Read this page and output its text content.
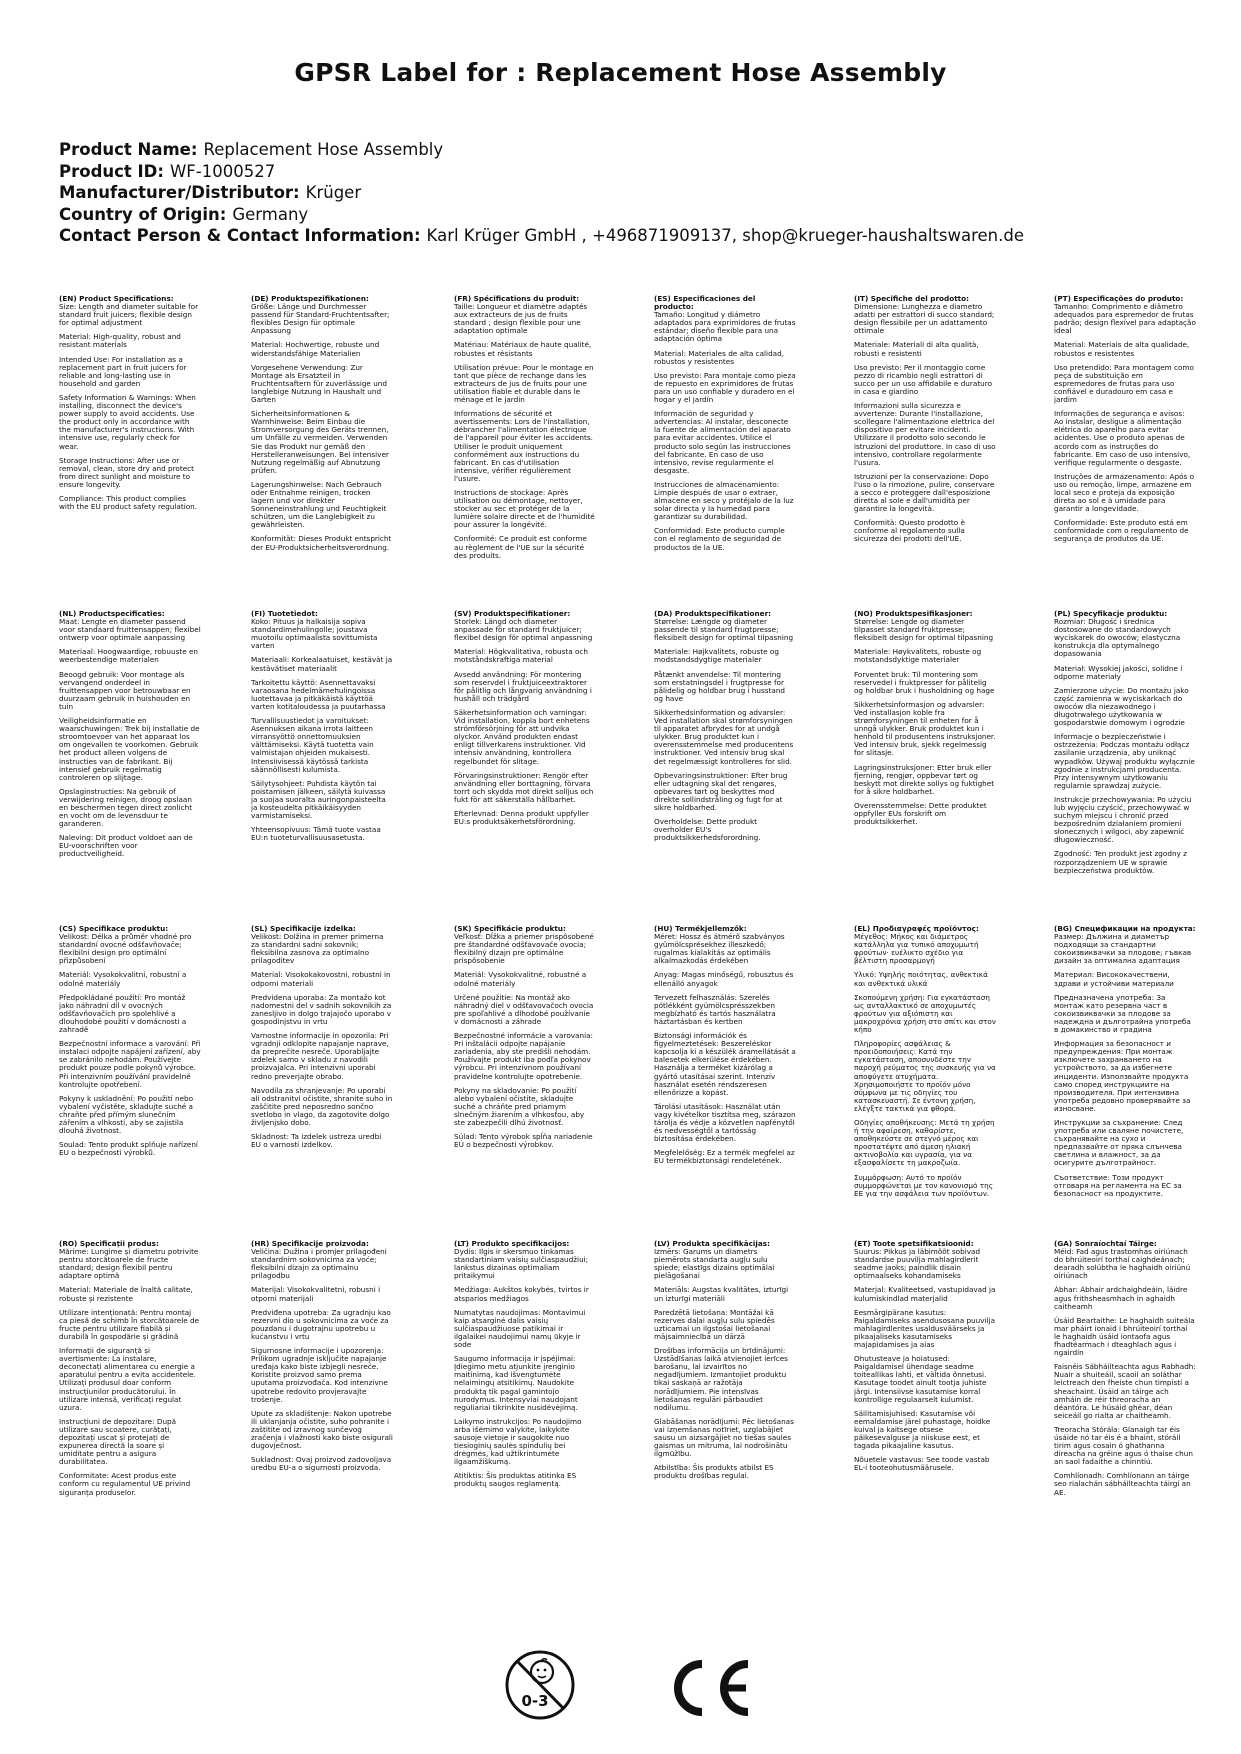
GPSR Label for : Replacement Hose Assembly
Product Name: Replacement Hose Assembly
Product ID: WF-1000527
Manufacturer/Distributor: Krüger
Country of Origin: Germany
Contact Person & Contact Information: Karl Krüger GmbH , +496871909137, shop@krueger-haushaltswaren.de
(EN) Product Specifications:
Size: Length and diameter suitable for standard fruit juicers; flexible design for optimal adjustment
Material: High-quality, robust and resistant materials
Intended Use: For installation as a replacement part in fruit juicers for reliable and long-lasting use in household and garden
Safety Information & Warnings: When installing, disconnect the device's power supply to avoid accidents. Use the product only in accordance with the manufacturer's instructions. With intensive use, regularly check for wear.
Storage Instructions: After use or removal, clean, store dry and protect from direct sunlight and moisture to ensure longevity.
Compliance: This product complies with the EU product safety regulation.
(DE) Produktspezifikationen:
Größe: Länge und Durchmesser passend für Standard-Fruchtentsafter; flexibles Design für optimale Anpassung
Material: Hochwertige, robuste und widerstandsfähige Materialien
Vorgesehene Verwendung: Zur Montage als Ersatzteil in Fruchtentsaftern für zuverlässige und langlebige Nutzung in Haushalt und Garten
Sicherheitsinformationen & Warnhinweise: Beim Einbau die Stromversorgung des Geräts trennen, um Unfälle zu vermeiden. Verwenden Sie das Produkt nur gemäß den Herstelleranweisungen. Bei intensiver Nutzung regelmäßig auf Abnutzung prüfen.
Lagerungshinweise: Nach Gebrauch oder Entnahme reinigen, trocken lagern und vor direkter Sonneneinstrahlung und Feuchtigkeit schützen, um die Langlebigkeit zu gewährleisten.
Konformität: Dieses Produkt entspricht der EU-Produktsicherheitsverordnung.
(FR) Spécifications du produit:
Taille: Longueur et diamètre adaptés aux extracteurs de jus de fruits standard ; design flexible pour une adaptation optimale
Matériau: Matériaux de haute qualité, robustes et résistants
Utilisation prévue: Pour le montage en tant que pièce de rechange dans les extracteurs de jus de fruits pour une utilisation fiable et durable dans le ménage et le jardin
Informations de sécurité et avertissements: Lors de l'installation, débrancher l'alimentation électrique de l'appareil pour éviter les accidents. Utiliser le produit uniquement conformément aux instructions du fabricant. En cas d'utilisation intensive, vérifier régulièrement l'usure.
Instructions de stockage: Après utilisation ou démontage, nettoyer, stocker au sec et protéger de la lumière solaire directe et de l'humidité pour assurer la longévité.
Conformité: Ce produit est conforme au règlement de l'UE sur la sécurité des produits.
(ES) Especificaciones del producto:
Tamaño: Longitud y diámetro adaptados para exprimidores de frutas estándar; diseño flexible para una adaptación óptima
Material: Materiales de alta calidad, robustos y resistentes
Uso previsto: Para montaje como pieza de repuesto en exprimidores de frutas para un uso confiable y duradero en el hogar y el jardín
Información de seguridad y advertencias: Al instalar, desconecte la fuente de alimentación del aparato para evitar accidentes. Utilice el producto solo según las instrucciones del fabricante. En caso de uso intensivo, revise regularmente el desgaste.
Instrucciones de almacenamiento: Limpie después de usar o extraer, almacene en seco y protéjalo de la luz solar directa y la humedad para garantizar su durabilidad.
Conformidad: Este producto cumple con el reglamento de seguridad de productos de la UE.
(IT) Specifiche del prodotto:
Dimensione: Lunghezza e diametro adatti per estrattori di succo standard; design flessibile per un adattamento ottimale
Materiale: Materiali di alta qualità, robusti e resistenti
Uso previsto: Per il montaggio come pezzo di ricambio negli estrattori di succo per un uso affidabile e duraturo in casa e giardino
Informazioni sulla sicurezza e avvertenze: Durante l'installazione, scollegare l'alimentazione elettrica del dispositivo per evitare incidenti. Utilizzare il prodotto solo secondo le istruzioni del produttore. In caso di uso intensivo, controllare regolarmente l'usura.
Istruzioni per la conservazione: Dopo l'uso o la rimozione, pulire, conservare a secco e proteggere dall'esposizione diretta al sole e dall'umidità per garantire la longevità.
Conformità: Questo prodotto è conforme al regolamento sulla sicurezza dei prodotti dell'UE.
(PT) Especificações do produto:
Tamanho: Comprimento e diâmetro adequados para espremedor de frutas padrão; design flexível para adaptação ideal
Material: Materiais de alta qualidade, robustos e resistentes
Uso pretendido: Para montagem como peça de substituição em espremedores de frutas para uso confiável e duradouro em casa e jardim
Informações de segurança e avisos: Ao instalar, desligue a alimentação elétrica do aparelho para evitar acidentes. Use o produto apenas de acordo com as instruções do fabricante. Em caso de uso intensivo, verifique regularmente o desgaste.
Instruções de armazenamento: Após o uso ou remoção, limpe, armazene em local seco e proteja da exposição direta ao sol e à umidade para garantir a longevidade.
Conformidade: Este produto está em conformidade com o regulamento de segurança de produtos da UE.
(NL) Productspecificaties:
Maat: Lengte en diameter passend voor standaard fruittensappen; flexibel ontwerp voor optimale aanpassing
Materiaal: Hoogwaardige, robuuste en weerbestendige materialen
Beoogd gebruik: Voor montage als vervangend onderdeel in fruittensappen voor betrouwbaar en duurzaam gebruik in huishouden en tuin
Veiligheidsinformatie en waarschuwingen: Trek bij installatie de stroomtoevoer van het apparaat los om ongevallen te voorkomen. Gebruik het product alleen volgens de instructies van de fabrikant. Bij intensief gebruik regelmatig controleren op slijtage.
Opslaginstructies: Na gebruik of verwijdering reinigen, droog opslaan en beschermen tegen direct zonlicht en vocht om de levensduur te garanderen.
Naleving: Dit product voldoet aan de EU-voorschriften voor productveiligheid.
(FI) Tuotetiedot:
Koko: Pituus ja halkaisija sopiva standardimehulingolle; joustava muotoilu optimaalista sovittumista varten
Materiaali: Korkealaatuiset, kestävät ja kestävätiset materiaalit
Tarkoitettu käyttö: Asennettavaksi varaosana hedelmämehulingoissa luotettavaa ja pitkäkäistä käyttöä varten kotitaloudessa ja puutarhassa
Turvallisuustiedot ja varoitukset: Asennuksen aikana irrota laitteen virransyöttö onnettomuuksien välttämiseksi. Käytä tuotetta vain valmistajan ohjeiden mukaisesti. Intensiivisessä käytössä tarkista säännöllisesti kulumista.
Säilytysohjeet: Puhdista käytön tai poistamisen jälkeen, säilytä kuivassa ja suojaa suoralta auringonpaisteelta ja kosteudelta pitkäikäisyyden varmistamiseksi.
Yhteensopivuus: Tämä tuote vastaa EU:n tuoteturvallisuusasetusta.
(SV) Produktspecifikationer:
Storlek: Längd och diameter anpassade för standard fruktjuicer; flexibel design för optimal anpassning
Material: Högkvalitativa, robusta och motståndskraftiga material
Avsedd användning: För montering som reservdel i fruktjuiceextraktorer för pålitlig och långvarig användning i hushåll och trädgård
Säkerhetsinformation och varningar: Vid installation, koppla bort enhetens strömförsörjning för att undvika olyckor. Använd produkten endast enligt tillverkarens instruktioner. Vid intensiv användning, kontrollera regelbundet för slitage.
Förvaringsinstruktioner: Rengör efter användning eller borttagning, förvara torrt och skydda mot direkt solljus och fukt för att säkerställa hållbarhet.
Efterlevnad: Denna produkt uppfyller EU:s produktsäkerhetsförordning.
(DA) Produktspecifikationer:
Størrelse: Længde og diameter passende til standard frugtpresse; fleksibelt design for optimal tilpasning
Materiale: Højkvalitets, robuste og modstandsdygtige materialer
Påtænkt anvendelse: Til montering som erstatningsdel i frugtpresse for pålidelig og holdbar brug i husstand og have
Sikkerhedsinformation og advarsler: Ved installation skal strømforsyningen til apparatet afbrydes for at undgå ulykker. Brug produktet kun i overensstemmelse med producentens instruktioner. Ved intensiv brug skal det regelmæssigt kontrolleres for slid.
Opbevaringsinstruktioner: Efter brug eller udtagning skal det rengøres, opbevares tørt og beskyttes mod direkte sollindstråling og fugt for at sikre holdbarhed.
Overholdelse: Dette produkt overholder EU's produktsikkerhedsforordning.
(NO) Produktspesifikasjoner:
Størrelse: Lengde og diameter tilpasset standard fruktpresse; fleksibelt design for optimal tilpasning
Materiale: Høykvalitets, robuste og motstandsdyktige materialer
Forventet bruk: Til montering som reservedel i fruktpresser for pålitelig og holdbar bruk i husholdning og hage
Sikkerhetsinformasjon og advarsler: Ved installasjon koble fra strømforsyningen til enheten for å unngå ulykker. Bruk produktet kun i henhold til produsentens instruksjoner. Ved intensiv bruk, sjekk regelmessig for slitasje.
Lagringsinstruksjoner: Etter bruk eller fjerning, rengjør, oppbevar tørt og beskytt mot direkte sollys og fuktighet for å sikre holdbarhet.
Overensstemmelse: Dette produktet oppfyller EUs forskrift om produktsikkerhet.
(PL) Specyfikacje produktu:
Rozmiar: Długość i średnica dostosowane do standardowych wyciskarek do owoców; elastyczna konstrukcja dla optymalnego dopasowania
Materiał: Wysokiej jakości, solidne i odporne materiały
Zamierzone użycie: Do montażu jako część zamienna w wyciskarkach do owoców dla niezawodnego i długotrwałego użytkowania w gospodarstwie domowym i ogrodzie
Informacje o bezpieczeństwie i ostrzeżenia: Podczas montażu odłącz zasilanie urządzenia, aby uniknąć wypadków. Używaj produktu wyłącznie zgodnie z instrukcjami producenta. Przy intensywnym użytkowaniu regularnie sprawdzaj zużycie.
Instrukcje przechowywania: Po użyciu lub wyjęciu czyścić, przechowywać w suchym miejscu i chronić przed bezpośrednim działaniem promieni słonecznych i wilgoci, aby zapewnić długowieczność.
Zgodność: Ten produkt jest zgodny z rozporządzeniem UE w sprawie bezpieczeństwa produktów.
(CS) Specifikace produktu:
Velikost: Délka a průměr vhodné pro standardní ovocné odšťavňovače; flexibilní design pro optimální přizpůsobení
Materiál: Vysokokvalitní, robustní a odolné materiály
Předpokládané použití: Pro montáž jako náhradní díl v ovocných odšťavňovačích pro spolehlivé a dlouhodobé použití v domácnosti a zahradě
Bezpečnostní informace a varování: Při instalaci odpojte napájení zařízení, aby se zabránilo nehodám. Používejte produkt pouze podle pokynů výrobce. Při intenzivním používání pravidelně kontrolujte opotřebení.
Pokyny k uskladnění: Po použití nebo vybalení vyčistěte, skladujte suché a chraňte před přímým slunečním zářením a vlhkostí, aby se zajistila dlouhá životnost.
Soulad: Tento produkt splňuje nařízení EU o bezpečnosti výrobků.
(SL) Specifikacije izdelka:
Velikost: Dolžina in premer primerna za standardni sadni sokovnik; fleksibilna zasnova za optimalno prilagoditev
Material: Visokokakovostni, robustni in odporni materiali
Predvidena uporaba: Za montažo kot nadomestni del v sadnih sokovnikih za zanesljivo in dolgo trajajočo uporabo v gospodinjstvu in vrtu
Varnostne informacije in opozorila: Pri vgradnji odklopite napajanje naprave, da preprečite nesreče. Uporabljajte izdelek samo v skladu z navodili proizvajalca. Pri intenzivni uporabi redno preverjajte obrabo.
Navodila za shranjevanje: Po uporabi ali odstranitvi očistite, shranite suho in zaščitite pred neposredno sončno svetlobo in vlago, da zagotovite dolgo življenjsko dobo.
Skladnost: Ta izdelek ustreza uredbi EU o varnosti izdelkov.
(SK) Špecifikácie produktu:
Veľkosť: Dĺžka a priemer prispôsobené pre štandardné odšťavovače ovocia; flexibilný dizajn pre optimálne prispôsobenie
Materiál: Vysokokvalitné, robustné a odolné materiály
Určené použitie: Na montáž ako náhradný diel v odšťavovačoch ovocia pre spoľahlivé a dlhodobé používanie v domácnosti a záhrade
Bezpečnostné informácie a varovania: Pri inštalácii odpojte napájanie zariadenia, aby ste predišli nehodám. Používajte produkt iba podľa pokynov výrobcu. Pri intenzívnom používaní pravidelne kontrolujte opotrebenie.
Pokyny na skladovanie: Po použití alebo vybalení očistite, skladujte suché a chráňte pred priamym slnečným žiarením a vlhkosťou, aby ste zabezpečili dlhú životnosť.
Súlad: Tento výrobok spĺňa nariadenie EÚ o bezpečnosti výrobkov.
(HU) Termékjellemzők:
Méret: Hossz és átmérő szabványos gyümölcsprésekhez illeszkedő; rugalmas kialakítás az optimális alkalmazkodás érdekében
Anyag: Magas minőségű, robusztus és ellenálló anyagok
Tervezett felhasználás: Szerelés pótlékként gyümölcsprésszekben megbízható és tartós használatra háztartásban és kertben
Biztonsági információk és figyelmeztetések: Beszereléskor kapcsolja ki a készülék áramellátását a balesetek elkerülése érdekében. Használja a terméket kizárólag a gyártó utasításai szerint. Intenzív használat esetén rendszeresen ellenőrizze a kopást.
Tárolási utasítások: Használat után vagy kivételkor tisztítsa meg, szárazon tárolja és védje a közvetlen napfénytől és nedvességtől a tartósság biztosítása érdekében.
Megfelelőség: Ez a termék megfelel az EU termékbiztonsági rendeletének.
(EL) Προδιαγραφές προϊόντος:
Μέγεθος: Μήκος και διάμετρος κατάλληλα για τυπικό αποχυμωτή φρούτων· ευέλικτο σχέδιο για βέλτιστη προσαρμογή
Υλικό: Υψηλής ποιότητας, ανθεκτικά και ανθεκτικά υλικά
Σκοπούμενη χρήση: Για εγκατάσταση ως ανταλλακτικό σε αποχυμωτές φρούτων για αξιόπιστη και μακροχρόνια χρήση στο σπίτι και στον κήπο
Πληροφορίες ασφάλειας & προειδοποιήσεις: Κατά την εγκατάσταση, αποσυνδέστε την παροχή ρεύματος της συσκευής για να αποφύγετε ατυχήματα. Χρησιμοποιήστε το προϊόν μόνο σύμφωνα με τις οδηγίες του κατασκευαστή. Σε έντονη χρήση, ελέγξτε τακτικά για φθορά.
Οδηγίες αποθήκευσης: Μετά τη χρήση ή την αφαίρεση, καθαρίστε, αποθηκεύστε σε στεγνό μέρος και προστατέψτε από άμεση ηλιακή ακτινοβολία και υγρασία, για να εξασφαλίσετε τη μακροζωία.
Συμμόρφωση: Αυτό το προϊόν συμμορφώνεται με τον κανονισμό της ΕΕ για την ασφάλεια των προϊόντων.
(BG) Спецификации на продукта:
Размер: Дължина и диаметър подходящи за стандартни сокоизвиквачки за плодове; гъвкав дизайн за оптимална адаптация
Материал: Висококачествени, здрави и устойчиви материали
Предназначена употреба: За монтаж като резервна част в сокоизвиквачки за плодове за надеждна и дълготрайна употреба в домакинство и градина
Информация за безопасност и предупреждения: При монтаж изключете захранването на устройството, за да избегнете инциденти. Използвайте продукта само според инструкциите на производителя. При интензивна употреба редовно проверявайте за износване.
Инструкции за съхранение: След употреба или сваляне почистете, съхранявайте на сухо и предпазвайте от пряка слънчева светлина и влажност, за да осигурите дълготрайност.
Съответствие: Този продукт отговаря на регламента на ЕС за безопасност на продуктите.
(RO) Specificații produs:
Mărime: Lungime și diametru potrivite pentru storcătoarele de fructe standard; design flexibil pentru adaptare optimă
Material: Materiale de înaltă calitate, robuste și rezistente
Utilizare intenționată: Pentru montaj ca piesă de schimb în storcătoarele de fructe pentru utilizare fiabilă și durabilă în gospodărie și grădină
Informații de siguranță și avertismente: La instalare, deconectați alimentarea cu energie a aparatului pentru a evita accidentele. Utilizați produsul doar conform instrucțiunilor producătorului. În utilizare intensă, verificați regulat uzura.
Instrucțiuni de depozitare: După utilizare sau scoatere, curățați, depozitați uscat și protejați de expunerea directă la soare și umiditate pentru a asigura durabilitatea.
Conformitate: Acest produs este conform cu regulamentul UE privind siguranța produselor.
(HR) Specifikacije proizvoda:
Veličina: Dužina i promjer prilagođeni standardnim sokovnicima za voće; fleksibilni dizajn za optimalnu prilagodbu
Materijal: Visokokvalitetni, robusni i otporni materijali
Predviđena upotreba: Za ugradnju kao rezervni dio u sokovnicima za voće za pouzdanu i dugotrajnu upotrebu u kućanstvu i vrtu
Sigurnosne informacije i upozorenja: Prilikom ugradnje isključite napajanje uređaja kako biste izbjegli nesreće. Koristite proizvod samo prema uputama proizvođača. Kod intenzivne upotrebe redovito provjeravajte trošenje.
Upute za skladištenje: Nakon upotrebe ili uklanjanja očistite, suho pohranite i zaštitite od izravnog sunčevog zračenja i vlažnosti kako biste osigurali dugovječnost.
Sukladnost: Ovaj proizvod zadovoljava uredbu EU-a o sigurnosti proizvoda.
(LT) Produkto specifikacijos:
Dydis: Ilgis ir skersmuo tinkamas standartiniam vaisių sulčiaspaudžiui; lankstus dizainas optimaliam pritaikymui
Medžiaga: Aukštos kokybės, tvirtos ir atsparios medžiagos
Numatytas naudojimas: Montavimui kaip atsarginė dalis vaisių sulčiaspaudžiuose patikimai ir ilgalaikei naudojimui namų ūkyje ir sode
Saugumo informacija ir įspėjimai: Įdiegimo metu atjunkite įrenginio maitinimą, kad išvengtumėte nelaimingų atsitikimų. Naudokite produktą tik pagal gamintojo nurodymus. Intensyviai naudojant reguliariai tikrinkite nusidėvėjimą.
Laikymo instrukcijos: Po naudojimo arba išėmimo valykite, laikykite sausoje vietoje ir saugokite nuo tiesioginių saulės spindulių bei drėgmės, kad užtikrintumėte ilgaamžiškumą.
Atitiktis: Šis produktas atitinka ES produktų saugos reglamentą.
(LV) Produkta specifikācijas:
Izmērs: Garums un diametrs piemērots standarta augļu sulu spiede; elastīgs dizains optimālai pielāgošanai
Materiāls: Augstas kvalitātes, izturīgi un izturīgi materiāli
Paredzētā lietošana: Montāžai kā rezerves daļai augļu sulu spiedēs uzticamai un ilgstošai lietošanai mājsaimniecībā un dārzā
Drošības informācija un brīdinājumi: Uzstādīšanas laikā atvienojiet ierīces barošanu, lai izvairītos no negadījumiem. Izmantojiet produktu tikai saskaņā ar ražotāja norādījumiem. Pie intensīvas lietošanas regulāri pārbaudiet nodilumu.
Glabāšanas norādījumi: Pēc lietošanas vai izņemšanas notīriet, uzglabājiet sausu un aizsargājiet no tiešas saules gaismas un mitruma, lai nodrošinātu ilgmūžību.
Atbilstība: Šis produkts atbilst ES produktu drošības regulai.
(ET) Toote spetsifikatsioonid:
Suurus: Pikkus ja läbimõõt sobivad standardse puuvilja mahlagirdlerit seadme jaoks; paindlik disain optimaalseks kohandamiseks
Materjal: Kvaliteetsed, vastupidavad ja kulumiskindlad materjalid
Eesmärgipärane kasutus: Paigaldamiseks asendusosana puuvilja mahlagirdlerites usaldusväärseks ja pikaajaliseks kasutamiseks majapidamises ja aias
Ohutusteave ja hoiatused: Paigaldamisel ühendage seadme toiteallikas lahti, et vältida õnnetusi. Kasutage toodet ainult tootja juhiste järgi. Intensiivse kasutamise korral kontrollige regulaarselt kulumist.
Säilitamisjuhised: Kasutamise või eemaldamise järel puhastage, hoidke kuival ja kaitsege otsese päikesevalguse ja niiskuse eest, et tagada pikaajaline kasutus.
Nõuetele vastavus: See toode vastab EL-i tooteohutusmäärusele.
(GA) Sonraíochtaí Táirge:
Méid: Fad agus trastomhas oiriúnach do bhrúiteoirí torthaí caighdeánach; dearadh solúbtha le haghaidh oiriúnú oiriúnach
Ábhar: Ábhair ardchaighdeáin, láidre agus frithsheasmhach in aghaidh caitheamh
Úsáid Beartaithe: Le haghaidh suiteála mar pháirt ionaid i bhrúiteoirí torthaí le haghaidh úsáid iontaofa agus fhadtéarmach i dteaghlach agus i ngairdín
Faisnéis Sábháilteachta agus Rabhadh: Nuair a shuiteáil, scaoil an soláthar leictreach den fheiste chun timpistí a sheachaint. Úsáid an táirge ach amháin de réir threoracha an déantóra. Le húsáid ghéar, déan seiceáil go rialta ar chaitheamh.
Treoracha Stórála: Glanaigh tar éis úsáide nó tar éis é a bhaint, stóráil tirim agus cosain ó ghathanna díreacha na gréine agus ó thaise chun an saol fadaithe a chinntiú.
Comhlíonadh: Comhlíonann an táirge seo rialachán sábháilteachta táirgí an AE.
0-3
